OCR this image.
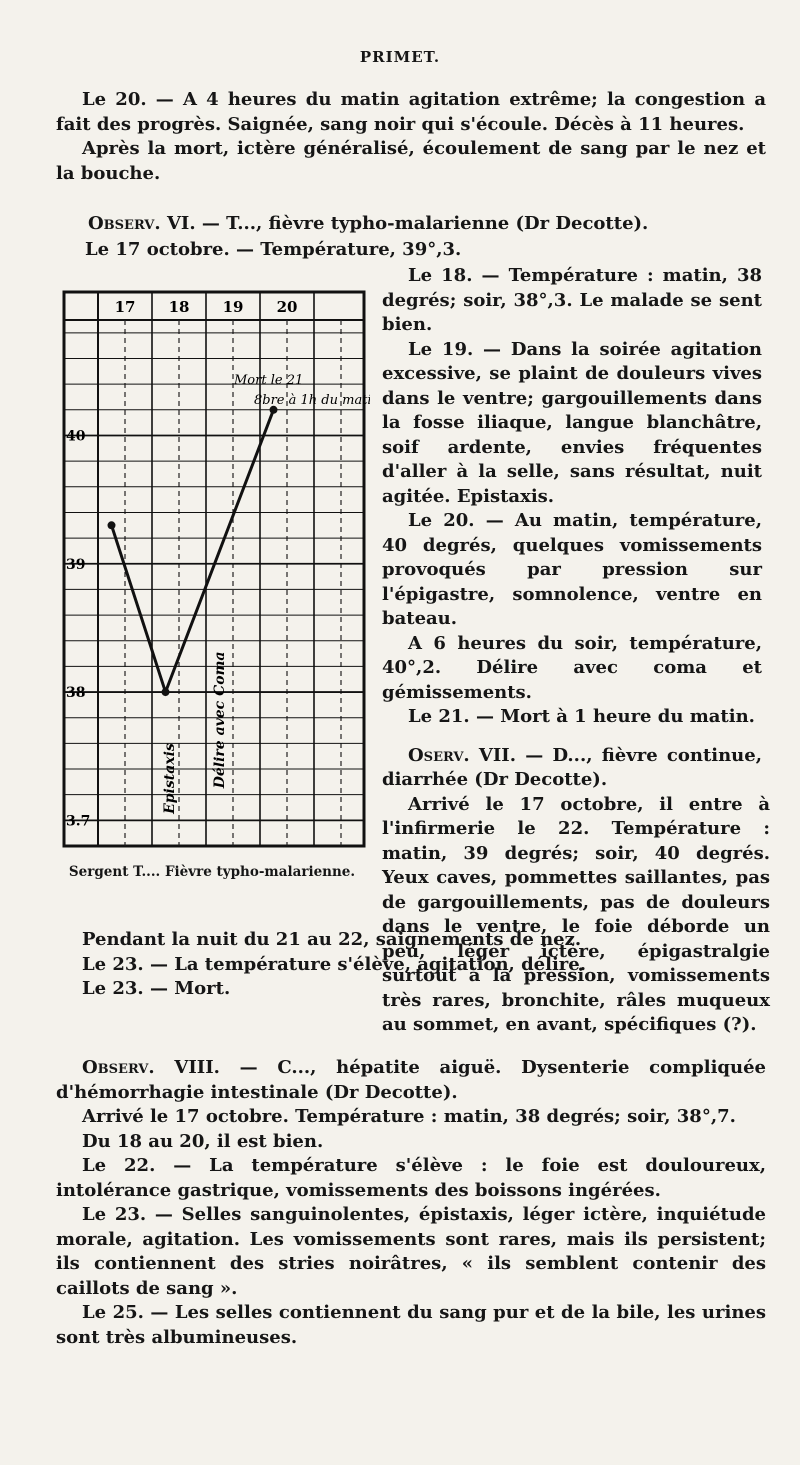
PRIMET.

Le 20. — A 4 heures du matin agitation extrême; la congestion a fait des progrès. Saignée, sang noir qui s'écoule. Décès à 11 heures.

Après la mort, ictère généralisé, écoulement de sang par le nez et la bouche.

Observ. VI. — T..., fièvre typho-malarienne (Dr Decotte).
Le 17 octobre. — Température, 39°,3.

Le 18. — Température : matin, 38 degrés; soir, 38°,3. Le malade se sent bien.

Le 19. — Dans la soirée agitation excessive, se plaint de douleurs vives dans le ventre; gargouillements dans la fosse iliaque, langue blanchâtre, soif ardente, envies fréquentes d'aller à la selle, sans résultat, nuit agitée. Epistaxis.

Le 20. — Au matin, température, 40 degrés, quelques vomissements provoqués par pression sur l'épigastre, somnolence, ventre en bateau.

A 6 heures du soir, température, 40°,2. Délire avec coma et gémissements.

Le 21. — Mort à 1 heure du matin.

Oserv. VII. — D..., fièvre continue, diarrhée (Dr Decotte).

Arrivé le 17 octobre, il entre à l'infirmerie le 22. Température : matin, 39 degrés; soir, 40 degrés. Yeux caves, pommettes saillantes, pas de gargouillements, pas de douleurs dans le ventre, le foie déborde un peu, léger ictère, épigastralgie surtout à la pression, vomissements très rares, bronchite, râles muqueux au sommet, en avant, spécifiques (?).

17 18 19 20
40
39
38
3.7
Mort le 21 8bre à 1h du matin
Epistaxis Délire avec Coma
Sergent T.... Fièvre typho-malarienne.

Pendant la nuit du 21 au 22, saignements de nez.

Le 23. — La température s'élève, agitation, délire.

Le 23. — Mort.

Observ. VIII. — C..., hépatite aiguë. Dysenterie compliquée d'hémorrhagie intestinale (Dr Decotte).

Arrivé le 17 octobre. Température : matin, 38 degrés; soir, 38°,7.

Du 18 au 20, il est bien.

Le 22. — La température s'élève : le foie est douloureux, intolérance gastrique, vomissements des boissons ingérées.

Le 23. — Selles sanguinolentes, épistaxis, léger ictère, inquiétude morale, agitation. Les vomissements sont rares, mais ils persistent; ils contiennent des stries noirâtres, « ils semblent contenir des caillots de sang ».

Le 25. — Les selles contiennent du sang pur et de la bile, les urines sont très albumineuses.
